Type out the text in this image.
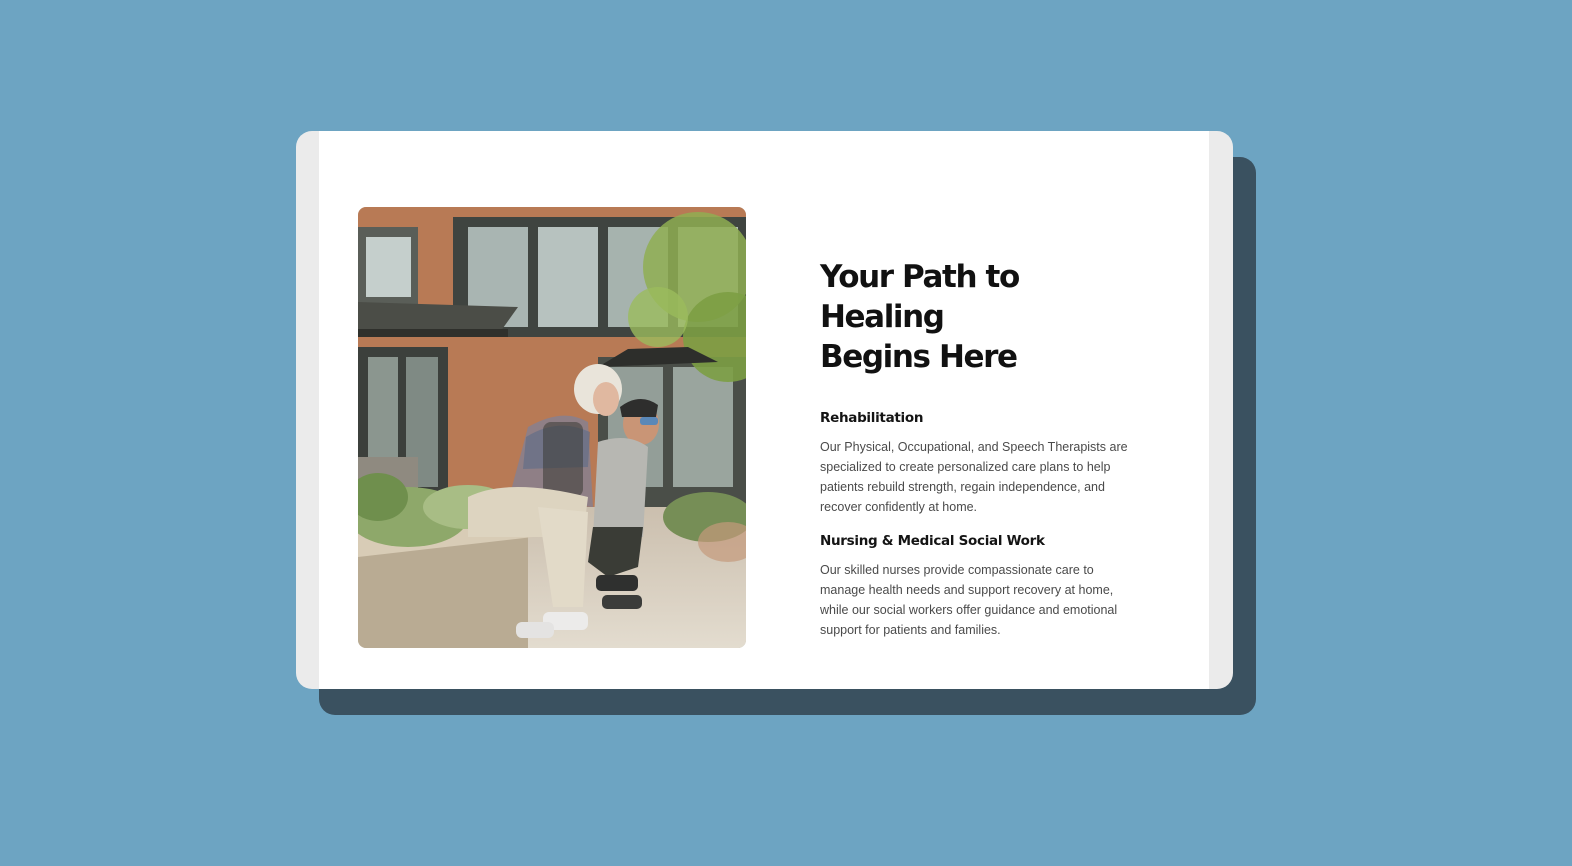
Your Path to Healing
Begins Here
Rehabilitation

Our Physical, Occupational, and Speech Therapists are specialized to create personalized care plans to help patients rebuild strength, regain independence, and recover confidently at home.

Nursing & Medical Social Work

Our skilled nurses provide compassionate care to manage health needs and support recovery at home, while our social workers offer guidance and emotional support for patients and families.
